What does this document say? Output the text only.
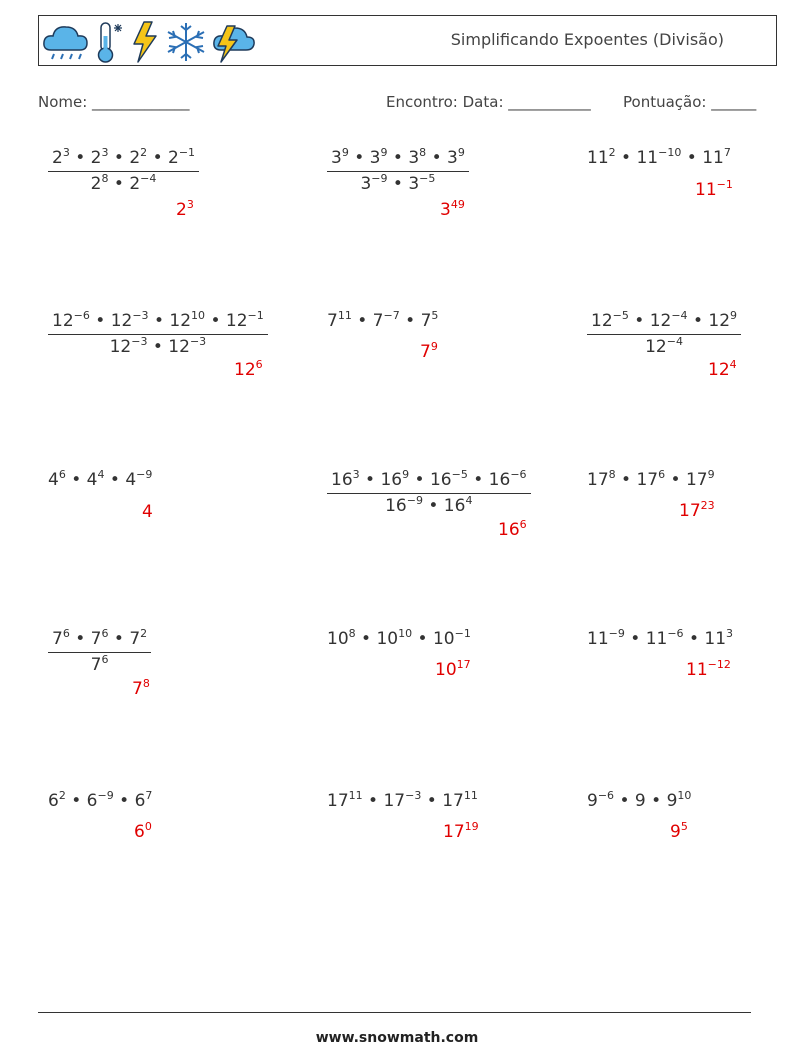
Simplificando Expoentes (Divisão)
Nome: _____________	Encontro: Data: ___________ Pontuação: ______
$\frac{2^3 • 2^3 • 2^2 • 2^{-1}}{2^8 • 2^{-4}}$
$2^3$
$\frac{3^9 • 3^9 • 3^8 • 3^9}{3^{-9} • 3^{-5}}$
$3^{49}$
$11^2$ • $11^{-10}$ • $11^7$
$11^{-1}$
$\frac{12^{-6} • 12^{-3} • 12^{10} • 12^{-1}}{12^{-3} • 12^{-3}}$
$12^6$
$7^{11}$ • $7^{-7}$ • $7^5$
$7^9$	$\frac{12^{-5} • 12^{-4} • 12^9}{12^{-4}}$
$12^4$
$4^6$ • $4^4$ • $4^{-9}$
4	$\frac{16^3 • 16^9 • 16^{-5} • 16^{-6}}{16^{-9} • 16^4}$
$16^6$
$17^8$ • $17^6$ • $17^9$
$17^{23}$
$\frac{7^6 • 7^6 • 7^2}{7^6}$
$7^8$
$10^8$ • $10^{10}$ • $10^{-1}$
$10^{17}$
$11^{-9}$ • $11^{-6}$ • $11^3$
$11^{-12}$
$6^2$ • $6^{-9}$ • $6^7$
$6^0$
$17^{11}$ • $17^{-3}$ • $17^{11}$
$17^{19}$
$9^{-6}$ • 9 • $9^{10}$
$9^5$
www.snowmath.com
